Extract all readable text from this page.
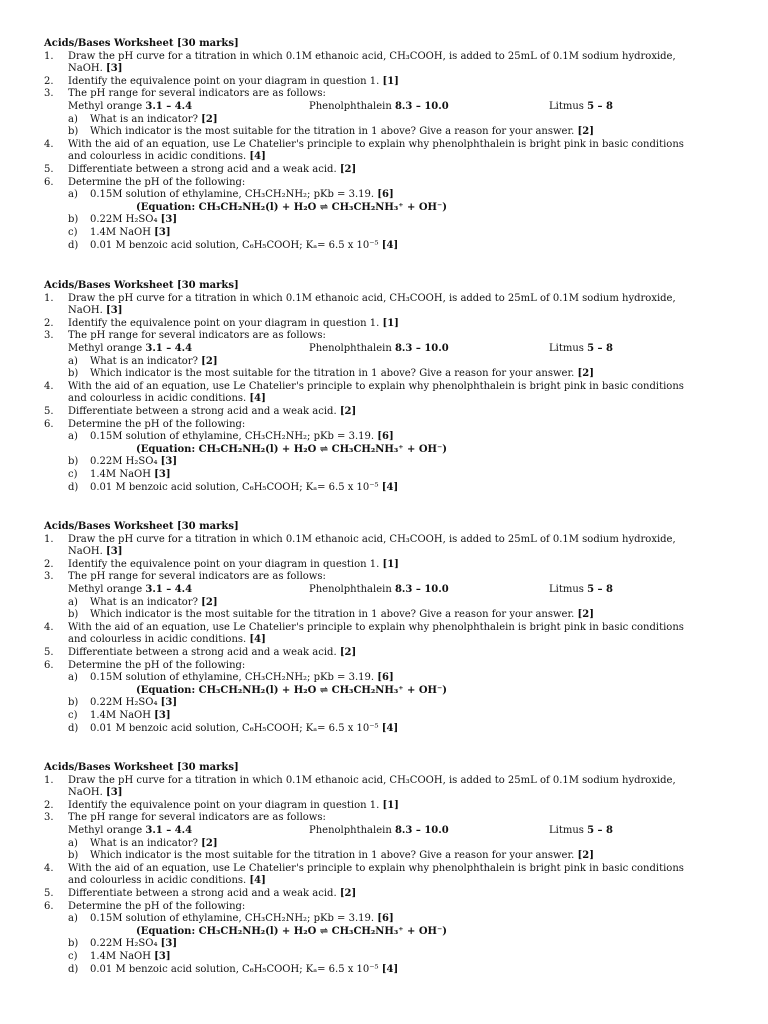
Acids/Bases Worksheet [30 marks]
1. Draw the pH curve for a titration in which 0.1M ethanoic acid, CH₃COOH, is added to 25mL of 0.1M sodium hydroxide,
NaOH. [3]
2. Identify the equivalence point on your diagram in question 1. [1]
3. The pH range for several indicators are as follows:
Methyl orange 3.1 – 4.4	Phenolphthalein 8.3 – 10.0	Litmus 5 – 8
a) What is an indicator? [2]
b) Which indicator is the most suitable for the titration in 1 above? Give a reason for your answer. [2]
4. With the aid of an equation, use Le Chatelier's principle to explain why phenolphthalein is bright pink in basic conditions
and colourless in acidic conditions. [4]
5. Differentiate between a strong acid and a weak acid. [2]
6. Determine the pH of the following:
a) 0.15M solution of ethylamine, CH₃CH₂NH₂; pKb = 3.19. [6]
(Equation: CH₃CH₂NH₂(l) + H₂O ⇌ CH₃CH₂NH₃⁺ + OH⁻)
b) 0.22M H₂SO₄ [3]
c) 1.4M NaOH [3]
d) 0.01 M benzoic acid solution, C₆H₅COOH; Kₐ= 6.5 x 10⁻⁵ [4]
Acids/Bases Worksheet [30 marks]
1. Draw the pH curve for a titration in which 0.1M ethanoic acid, CH₃COOH, is added to 25mL of 0.1M sodium hydroxide,
NaOH. [3]
2. Identify the equivalence point on your diagram in question 1. [1]
3. The pH range for several indicators are as follows:
Methyl orange 3.1 – 4.4	Phenolphthalein 8.3 – 10.0	Litmus 5 – 8
a) What is an indicator? [2]
b) Which indicator is the most suitable for the titration in 1 above? Give a reason for your answer. [2]
4. With the aid of an equation, use Le Chatelier's principle to explain why phenolphthalein is bright pink in basic conditions
and colourless in acidic conditions. [4]
5. Differentiate between a strong acid and a weak acid. [2]
6. Determine the pH of the following:
a) 0.15M solution of ethylamine, CH₃CH₂NH₂; pKb = 3.19. [6]
(Equation: CH₃CH₂NH₂(l) + H₂O ⇌ CH₃CH₂NH₃⁺ + OH⁻)
b) 0.22M H₂SO₄ [3]
c) 1.4M NaOH [3]
d) 0.01 M benzoic acid solution, C₆H₅COOH; Kₐ= 6.5 x 10⁻⁵ [4]
Acids/Bases Worksheet [30 marks]
1. Draw the pH curve for a titration in which 0.1M ethanoic acid, CH₃COOH, is added to 25mL of 0.1M sodium hydroxide,
NaOH. [3]
2. Identify the equivalence point on your diagram in question 1. [1]
3. The pH range for several indicators are as follows:
Methyl orange 3.1 – 4.4	Phenolphthalein 8.3 – 10.0	Litmus 5 – 8
a) What is an indicator? [2]
b) Which indicator is the most suitable for the titration in 1 above? Give a reason for your answer. [2]
4. With the aid of an equation, use Le Chatelier's principle to explain why phenolphthalein is bright pink in basic conditions
and colourless in acidic conditions. [4]
5. Differentiate between a strong acid and a weak acid. [2]
6. Determine the pH of the following:
a) 0.15M solution of ethylamine, CH₃CH₂NH₂; pKb = 3.19. [6]
(Equation: CH₃CH₂NH₂(l) + H₂O ⇌ CH₃CH₂NH₃⁺ + OH⁻)
b) 0.22M H₂SO₄ [3]
c) 1.4M NaOH [3]
d) 0.01 M benzoic acid solution, C₆H₅COOH; Kₐ= 6.5 x 10⁻⁵ [4]
Acids/Bases Worksheet [30 marks]
1. Draw the pH curve for a titration in which 0.1M ethanoic acid, CH₃COOH, is added to 25mL of 0.1M sodium hydroxide,
NaOH. [3]
2. Identify the equivalence point on your diagram in question 1. [1]
3. The pH range for several indicators are as follows:
Methyl orange 3.1 – 4.4	Phenolphthalein 8.3 – 10.0	Litmus 5 – 8
a) What is an indicator? [2]
b) Which indicator is the most suitable for the titration in 1 above? Give a reason for your answer. [2]
4. With the aid of an equation, use Le Chatelier's principle to explain why phenolphthalein is bright pink in basic conditions
and colourless in acidic conditions. [4]
5. Differentiate between a strong acid and a weak acid. [2]
6. Determine the pH of the following:
a) 0.15M solution of ethylamine, CH₃CH₂NH₂; pKb = 3.19. [6]
(Equation: CH₃CH₂NH₂(l) + H₂O ⇌ CH₃CH₂NH₃⁺ + OH⁻)
b) 0.22M H₂SO₄ [3]
c) 1.4M NaOH [3]
d) 0.01 M benzoic acid solution, C₆H₅COOH; Kₐ= 6.5 x 10⁻⁵ [4]
